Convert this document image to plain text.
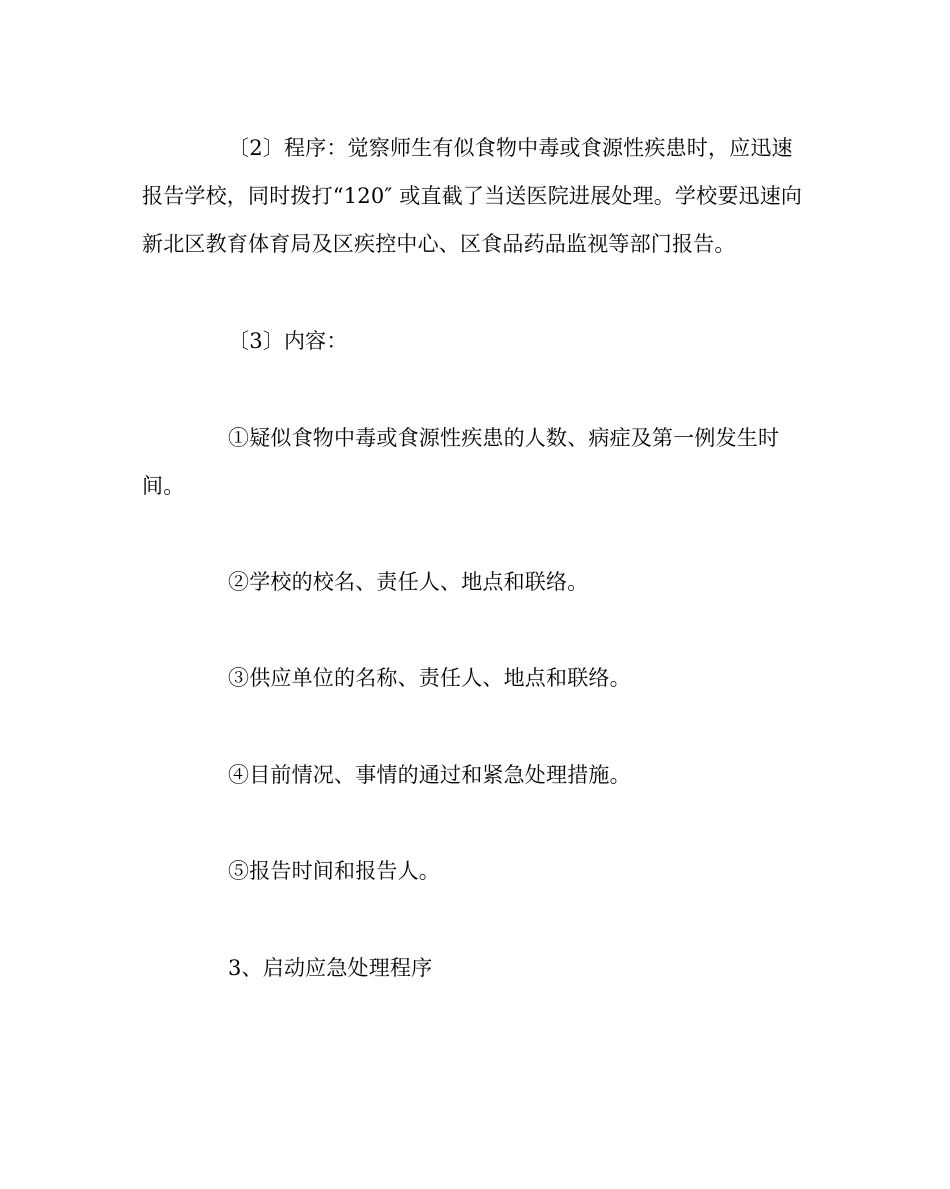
〔2〕程序：觉察师生有似食物中毒或食源性疾患时，应迅速报告学校，同时拨打“120″ 或直截了当送医院进展处理。学校要迅速向新北区教育体育局及区疾控中心、区食品药品监视等部门报告。

〔3〕内容：

①疑似食物中毒或食源性疾患的人数、病症及第一例发生时间。

②学校的校名、责任人、地点和联络。

③供应单位的名称、责任人、地点和联络。

④目前情况、事情的通过和紧急处理措施。

⑤报告时间和报告人。

3、启动应急处理程序
